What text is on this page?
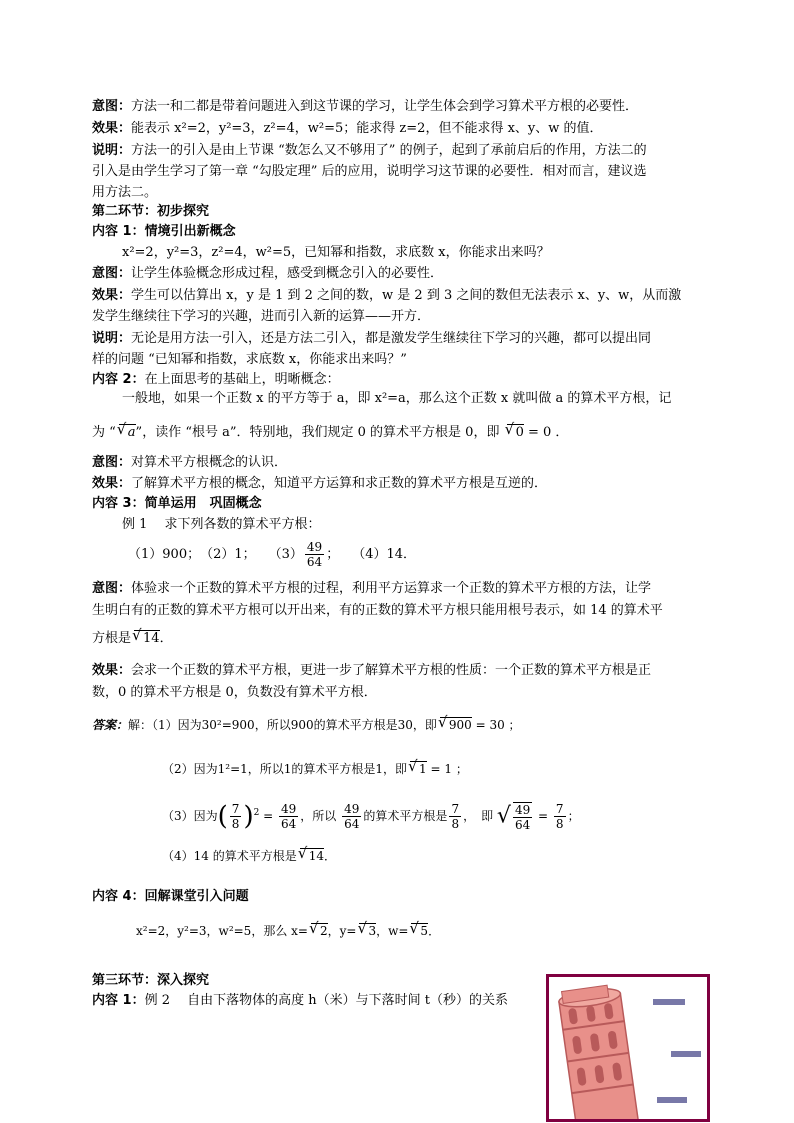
意图：方法一和二都是带着问题进入到这节课的学习，让学生体会到学习算术平方根的必要性．
效果：能表示 x²=2，y²=3，z²=4，w²=5；能求得 z=2，但不能求得 x、y、w 的值．
说明：方法一的引入是由上节课 “数怎么又不够用了” 的例子，起到了承前启后的作用，方法二的
引入是由学生学习了第一章 “勾股定理” 后的应用，说明学习这节课的必要性．相对而言，建议选
用方法二。
第二环节：初步探究
内容 1：情境引出新概念
x²=2，y²=3，z²=4，w²=5，已知幂和指数，求底数 x，你能求出来吗？
意图：让学生体验概念形成过程，感受到概念引入的必要性．
效果：学生可以估算出 x，y 是 1 到 2 之间的数，w 是 2 到 3 之间的数但无法表示 x、y、w，从而激
发学生继续往下学习的兴趣，进而引入新的运算——开方．
说明：无论是用方法一引入，还是方法二引入，都是激发学生继续往下学习的兴趣，都可以提出同
样的问题 “已知幂和指数，求底数 x，你能求出来吗？”
内容 2：在上面思考的基础上，明晰概念：
一般地，如果一个正数 x 的平方等于 a，即 x²=a，那么这个正数 x 就叫做 a 的算术平方根，记
为 “ √ a”，读作 “根号 a”．特别地，我们规定 0 的算术平方根是 0，即 √ 0 = 0 ．
意图：对算术平方根概念的认识．
效果：了解算术平方根的概念，知道平方运算和求正数的算术平方根是互逆的．
内容 3：简单运用　巩固概念
例 1　 求下列各数的算术平方根：
（1）900；　（2）1；　　$(3) \frac{49}{64}$ ；　　（4）14．
意图：体验求一个正数的算术平方根的过程，利用平方运算求一个正数的算术平方根的方法，让学
生明白有的正数的算术平方根可以开出来，有的正数的算术平方根只能用根号表示，如 14 的算术平
方根是 √ 14．
效果：会求一个正数的算术平方根，更进一步了解算术平方根的性质：一个正数的算术平方根是正
数，0 的算术平方根是 0，负数没有算术平方根．
答案：解：（1）因为30²=900，所以900的算术平方根是30，即 √ 900 = 30 ；
（2）因为1²=1，所以1的算术平方根是1，即 √ 1 = 1 ；
（3）因为( $\frac{7}{8} )^2 = \frac{49}{64}$ ，所以 $\frac{49}{64}$ 的算术平方根是 $\frac{7}{8}$ ，　即 √ $\frac{49}{64} = \frac{7}{8}$ ；
（4）14 的算术平方根是 √ 14．
内容 4：回解课堂引入问题
x²=2，y²=3，w²=5，那么 x= √ 2，y= √ 3，w= √ 5．
第三环节：深入探究
内容 1：例 2　 自由下落物体的高度 h（米）与下落时间 t（秒）的关系
